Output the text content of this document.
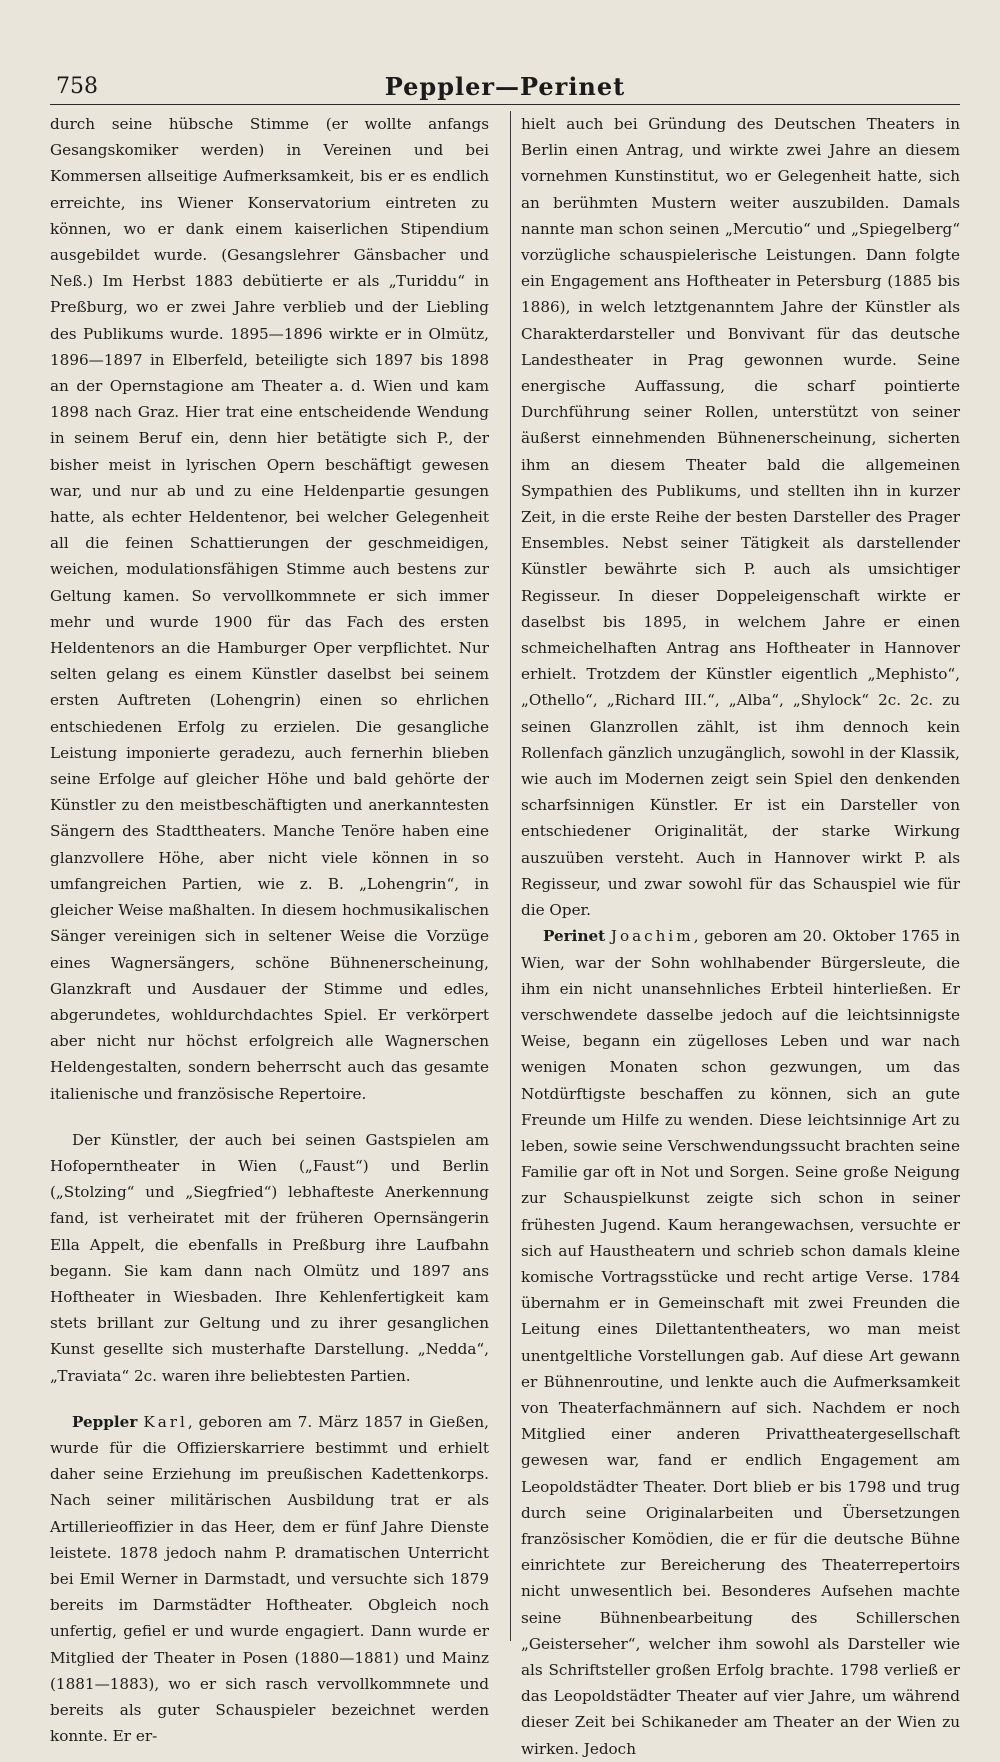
758	Peppler—Perinet

durch seine hübsche Stimme (er wollte anfangs Gesangskomiker werden) in Vereinen und bei Kommersen allseitige Aufmerksamkeit, bis er es endlich erreichte, ins Wiener Konservatorium eintreten zu können, wo er dank einem kaiserlichen Stipendium ausgebildet wurde. (Gesangslehrer Gänsbacher und Neß.) Im Herbst 1883 debütierte er als „Turiddu“ in Preßburg, wo er zwei Jahre verblieb und der Liebling des Publikums wurde. 1895—1896 wirkte er in Olmütz, 1896—1897 in Elberfeld, beteiligte sich 1897 bis 1898 an der Opernstagione am Theater a. d. Wien und kam 1898 nach Graz. Hier trat eine entscheidende Wendung in seinem Beruf ein, denn hier betätigte sich P., der bisher meist in lyrischen Opern beschäftigt gewesen war, und nur ab und zu eine Heldenpartie gesungen hatte, als echter Heldentenor, bei welcher Gelegenheit all die feinen Schattierungen der geschmeidigen, weichen, modulationsfähigen Stimme auch bestens zur Geltung kamen. So vervollkommnete er sich immer mehr und wurde 1900 für das Fach des ersten Heldentenors an die Hamburger Oper verpflichtet. Nur selten gelang es einem Künstler daselbst bei seinem ersten Auftreten (Lohengrin) einen so ehrlichen entschiedenen Erfolg zu erzielen. Die gesangliche Leistung imponierte geradezu, auch fernerhin blieben seine Erfolge auf gleicher Höhe und bald gehörte der Künstler zu den meistbeschäftigten und anerkanntesten Sängern des Stadttheaters. Manche Tenöre haben eine glanzvollere Höhe, aber nicht viele können in so umfangreichen Partien, wie z. B. „Lohengrin“, in gleicher Weise maßhalten. In diesem hochmusikalischen Sänger vereinigen sich in seltener Weise die Vorzüge eines Wagnersängers, schöne Bühnenerscheinung, Glanzkraft und Ausdauer der Stimme und edles, abgerundetes, wohldurchdachtes Spiel. Er verkörpert aber nicht nur höchst erfolgreich alle Wagnerschen Heldengestalten, sondern beherrscht auch das gesamte italienische und französische Repertoire.

Der Künstler, der auch bei seinen Gastspielen am Hofoperntheater in Wien („Faust“) und Berlin („Stolzing“ und „Siegfried“) lebhafteste Anerkennung fand, ist verheiratet mit der früheren Opernsängerin Ella Appelt, die ebenfalls in Preßburg ihre Laufbahn begann. Sie kam dann nach Olmütz und 1897 ans Hoftheater in Wiesbaden. Ihre Kehlenfertigkeit kam stets brillant zur Geltung und zu ihrer gesanglichen Kunst gesellte sich musterhafte Darstellung. „Nedda“, „Traviata“ 2c. waren ihre beliebtesten Partien.

Peppler Karl, geboren am 7. März 1857 in Gießen, wurde für die Offizierskarriere bestimmt und erhielt daher seine Erziehung im preußischen Kadettenkorps. Nach seiner militärischen Ausbildung trat er als Artillerieoffizier in das Heer, dem er fünf Jahre Dienste leistete. 1878 jedoch nahm P. dramatischen Unterricht bei Emil Werner in Darmstadt, und versuchte sich 1879 bereits im Darmstädter Hoftheater. Obgleich noch unfertig, gefiel er und wurde engagiert. Dann wurde er Mitglied der Theater in Posen (1880—1881) und Mainz (1881—1883), wo er sich rasch vervollkommnete und bereits als guter Schauspieler bezeichnet werden konnte. Er er-

hielt auch bei Gründung des Deutschen Theaters in Berlin einen Antrag, und wirkte zwei Jahre an diesem vornehmen Kunstinstitut, wo er Gelegenheit hatte, sich an berühmten Mustern weiter auszubilden. Damals nannte man schon seinen „Mercutio“ und „Spiegelberg“ vorzügliche schauspielerische Leistungen. Dann folgte ein Engagement ans Hoftheater in Petersburg (1885 bis 1886), in welch letztgenanntem Jahre der Künstler als Charakterdarsteller und Bonvivant für das deutsche Landestheater in Prag gewonnen wurde. Seine energische Auffassung, die scharf pointierte Durchführung seiner Rollen, unterstützt von seiner äußerst einnehmenden Bühnenerscheinung, sicherten ihm an diesem Theater bald die allgemeinen Sympathien des Publikums, und stellten ihn in kurzer Zeit, in die erste Reihe der besten Darsteller des Prager Ensembles. Nebst seiner Tätigkeit als darstellender Künstler bewährte sich P. auch als umsichtiger Regisseur. In dieser Doppeleigenschaft wirkte er daselbst bis 1895, in welchem Jahre er einen schmeichelhaften Antrag ans Hoftheater in Hannover erhielt. Trotzdem der Künstler eigentlich „Mephisto“, „Othello“, „Richard III.“, „Alba“, „Shylock“ 2c. 2c. zu seinen Glanzrollen zählt, ist ihm dennoch kein Rollenfach gänzlich unzugänglich, sowohl in der Klassik, wie auch im Modernen zeigt sein Spiel den denkenden scharfsinnigen Künstler. Er ist ein Darsteller von entschiedener Originalität, der starke Wirkung auszuüben versteht. Auch in Hannover wirkt P. als Regisseur, und zwar sowohl für das Schauspiel wie für die Oper.

Perinet Joachim, geboren am 20. Oktober 1765 in Wien, war der Sohn wohlhabender Bürgersleute, die ihm ein nicht unansehnliches Erbteil hinterließen. Er verschwendete dasselbe jedoch auf die leichtsinnigste Weise, begann ein zügelloses Leben und war nach wenigen Monaten schon gezwungen, um das Notdürftigste beschaffen zu können, sich an gute Freunde um Hilfe zu wenden. Diese leichtsinnige Art zu leben, sowie seine Verschwendungssucht brachten seine Familie gar oft in Not und Sorgen. Seine große Neigung zur Schauspielkunst zeigte sich schon in seiner frühesten Jugend. Kaum herangewachsen, versuchte er sich auf Haustheatern und schrieb schon damals kleine komische Vortragsstücke und recht artige Verse. 1784 übernahm er in Gemeinschaft mit zwei Freunden die Leitung eines Dilettantentheaters, wo man meist unentgeltliche Vorstellungen gab. Auf diese Art gewann er Bühnenroutine, und lenkte auch die Aufmerksamkeit von Theaterfachmännern auf sich. Nachdem er noch Mitglied einer anderen Privattheatergesellschaft gewesen war, fand er endlich Engagement am Leopoldstädter Theater. Dort blieb er bis 1798 und trug durch seine Originalarbeiten und Übersetzungen französischer Komödien, die er für die deutsche Bühne einrichtete zur Bereicherung des Theaterrepertoirs nicht unwesentlich bei. Besonderes Aufsehen machte seine Bühnenbearbeitung des Schillerschen „Geisterseher“, welcher ihm sowohl als Darsteller wie als Schriftsteller großen Erfolg brachte. 1798 verließ er das Leopoldstädter Theater auf vier Jahre, um während dieser Zeit bei Schikaneder am Theater an der Wien zu wirken. Jedoch
